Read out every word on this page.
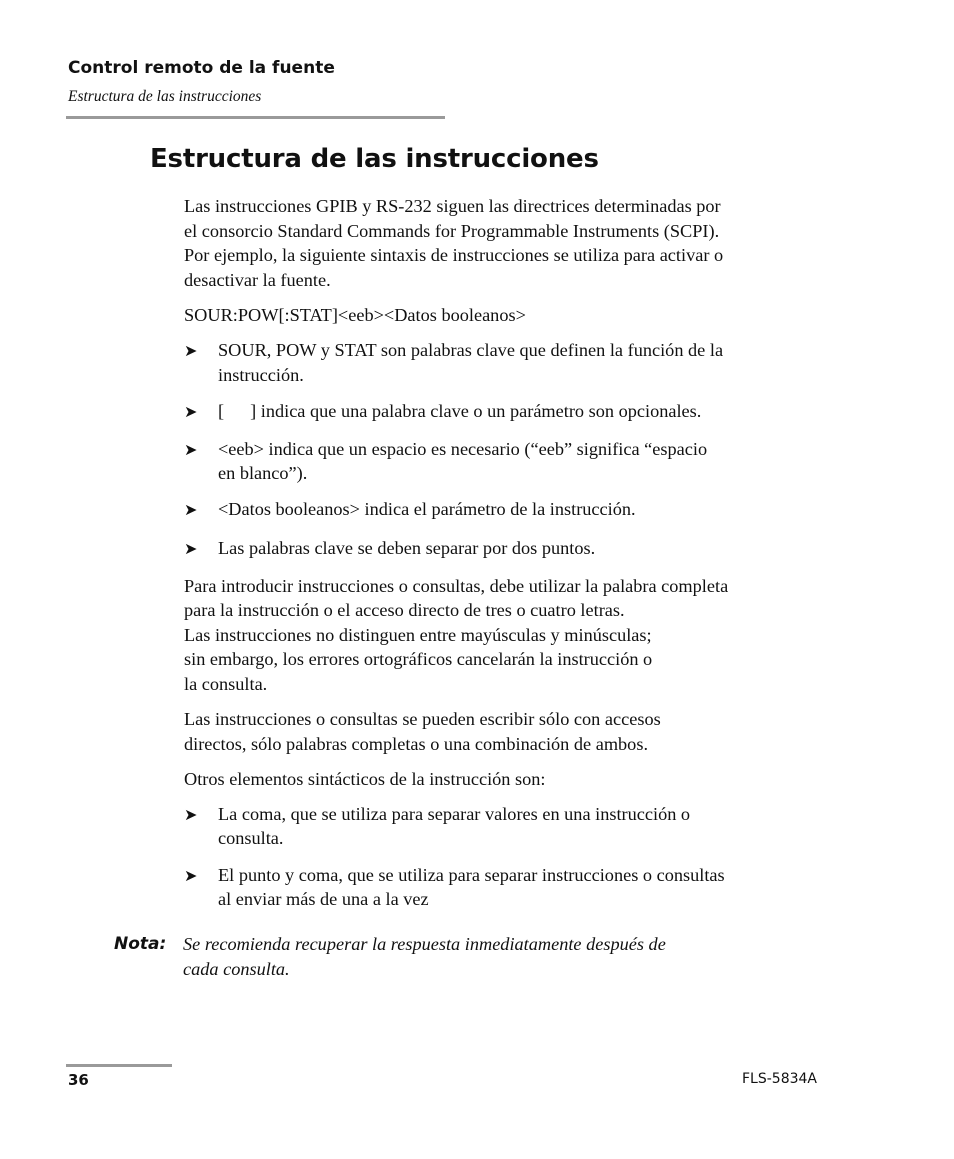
Control remoto de la fuente
Estructura de las instrucciones
Estructura de las instrucciones

Las instrucciones GPIB y RS-232 siguen las directrices determinadas por
el consorcio Standard Commands for Programmable Instruments (SCPI).
Por ejemplo, la siguiente sintaxis de instrucciones se utiliza para activar o
desactivar la fuente.

SOUR:POW[:STAT]<eeb><Datos booleanos>

➤	SOUR, POW y STAT son palabras clave que definen la función de la
instrucción.
➤	[ ] indica que una palabra clave o un parámetro son opcionales.
➤	<eeb> indica que un espacio es necesario (“eeb” significa “espacio
en blanco”).
➤	<Datos booleanos> indica el parámetro de la instrucción.
➤	Las palabras clave se deben separar por dos puntos.

Para introducir instrucciones o consultas, debe utilizar la palabra completa
para la instrucción o el acceso directo de tres o cuatro letras.
Las instrucciones no distinguen entre mayúsculas y minúsculas;
sin embargo, los errores ortográficos cancelarán la instrucción o
la consulta.

Las instrucciones o consultas se pueden escribir sólo con accesos
directos, sólo palabras completas o una combinación de ambos.

Otros elementos sintácticos de la instrucción son:

➤	La coma, que se utiliza para separar valores en una instrucción o
consulta.
➤	El punto y coma, que se utiliza para separar instrucciones o consultas
al enviar más de una a la vez
Nota: Se recomienda recuperar la respuesta inmediatamente después de
cada consulta.
36	FLS-5834A
